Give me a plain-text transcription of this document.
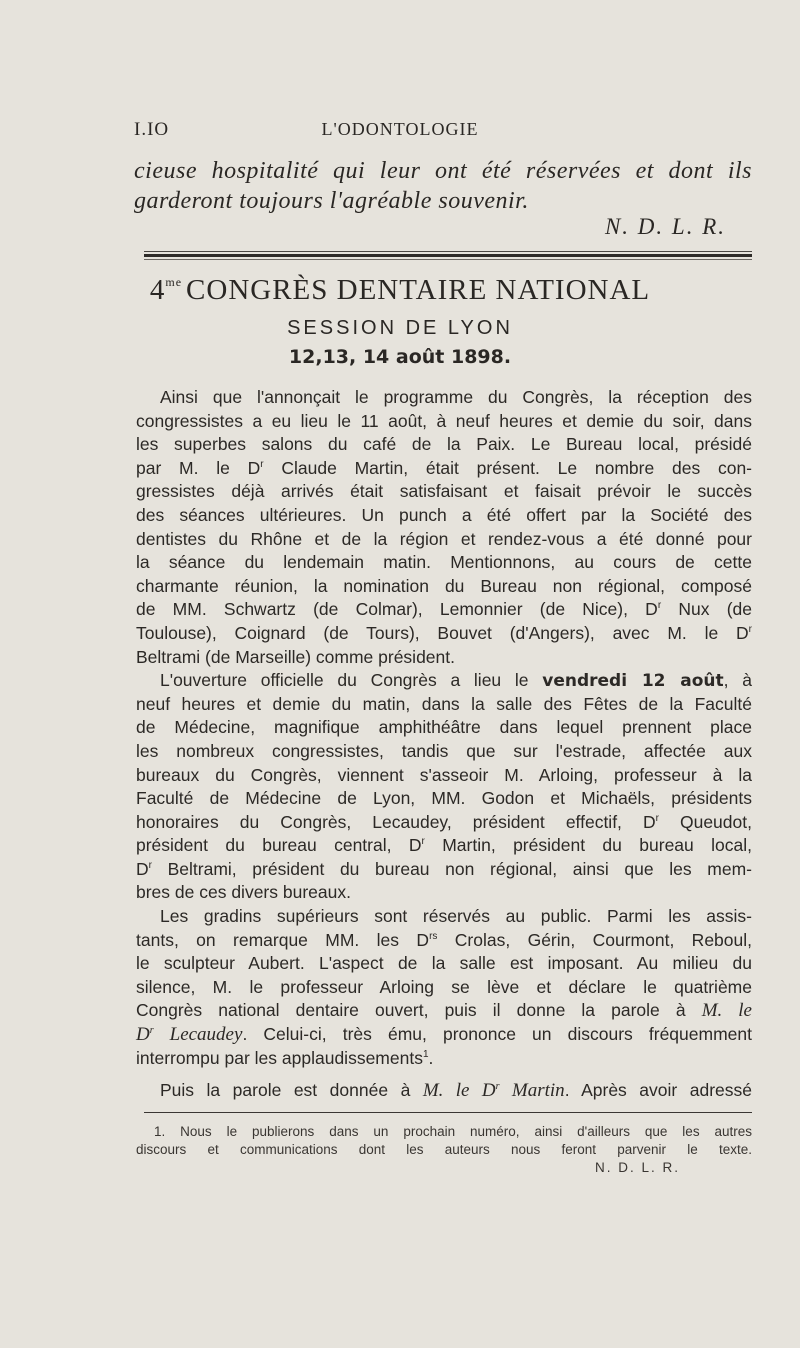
I.IO	L'ODONTOLOGIE
cieuse hospitalité qui leur ont été réservées et dont ils
garderont toujours l'agréable souvenir.
N. D. L. R.
$4^{me}$ CONGRÈS DENTAIRE NATIONAL
SESSION DE LYON
12,13, 14 août 1898.
Ainsi que l'annonçait le programme du Congrès, la réception des
congressistes a eu lieu le 11 août, à neuf heures et demie du soir, dans
les superbes salons du café de la Paix. Le Bureau local, présidé
par M. le $D^r$ Claude Martin, était présent. Le nombre des con-
gressistes déjà arrivés était satisfaisant et faisait prévoir le succès
des séances ultérieures. Un punch a été offert par la Société des
dentistes du Rhône et de la région et rendez-vous a été donné pour
la séance du lendemain matin. Mentionnons, au cours de cette
charmante réunion, la nomination du Bureau non régional, composé
de MM. Schwartz (de Colmar), Lemonnier (de Nice), $D^r$ Nux (de
Toulouse), Coignard (de Tours), Bouvet (d'Angers), avec M. le $D^r$
Beltrami (de Marseille) comme président.
L'ouverture officielle du Congrès a lieu le vendredi 12 août, à
neuf heures et demie du matin, dans la salle des Fêtes de la Faculté
de Médecine, magnifique amphithéâtre dans lequel prennent place
les nombreux congressistes, tandis que sur l'estrade, affectée aux
bureaux du Congrès, viennent s'asseoir M. Arloing, professeur à la
Faculté de Médecine de Lyon, MM. Godon et Michaëls, présidents
honoraires du Congrès, Lecaudey, président effectif, $D^r$ Queudot,
président du bureau central, $D^r$ Martin, président du bureau local,
$D^r$ Beltrami, président du bureau non régional, ainsi que les mem-
bres de ces divers bureaux.
Les gradins supérieurs sont réservés au public. Parmi les assis-
tants, on remarque MM. les $D^{rs}$ Crolas, Gérin, Courmont, Reboul,
le sculpteur Aubert. L'aspect de la salle est imposant. Au milieu du
silence, M. le professeur Arloing se lève et déclare le quatrième
Congrès national dentaire ouvert, puis il donne la parole à M. le
$D^r$ Lecaudey. Celui-ci, très ému, prononce un discours fréquemment
interrompu par les applaudissements$^1$.
Puis la parole est donnée à M. le $D^r$ Martin. Après avoir adressé
1. Nous le publierons dans un prochain numéro, ainsi d'ailleurs que les autres
discours et communications dont les auteurs nous feront parvenir le texte.
N. D. L. R.
